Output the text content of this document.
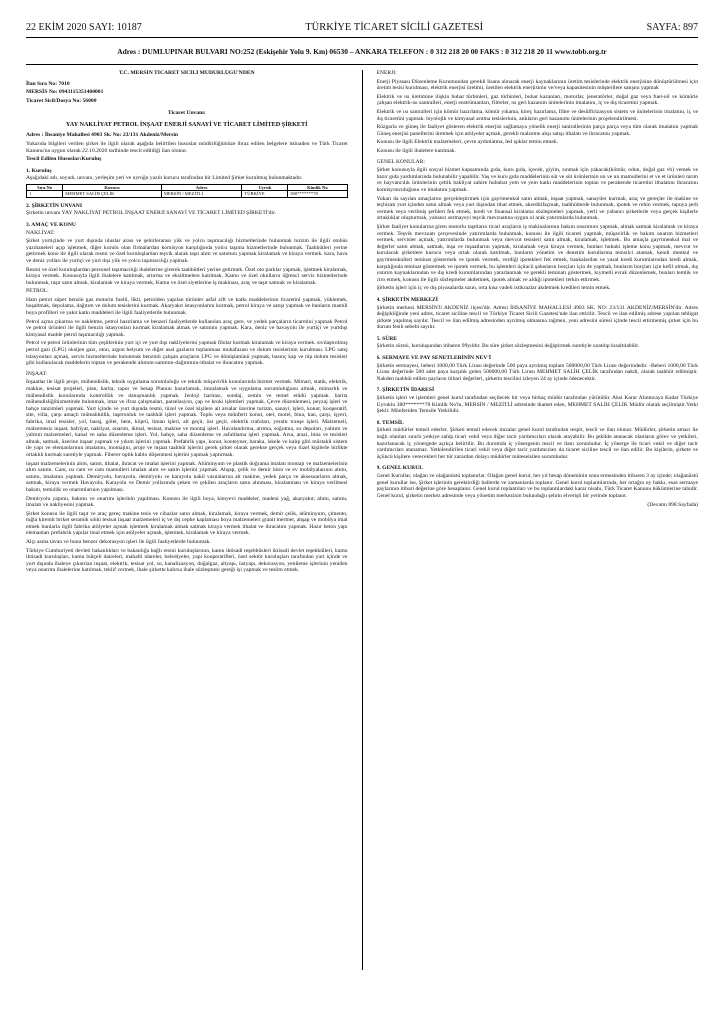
22 EKİM 2020 SAYI: 10187	TÜRKİYE TİCARET SİCİLİ GAZETESİ	SAYFA: 897
Adres : DUMLUPINAR BULVARI NO:252 (Eskişehir Yolu 9. Km) 06530 – ANKARA TELEFON : 0 312 218 20 00 FAKS : 0 312 218 20 11 www.tobb.org.tr

T.C. MERSİN TİCARET SİCİLİ MÜDÜRLÜĞÜ'NDEN

İlan Sıra No: 7010

MERSİS No: 0943115351400001

Ticaret Sicil/Dosya No: 56000

Ticaret Unvanı:

YAY NAKLİYAT PETROL İNŞAAT ENERJİ SANAYİ VE TİCARET LİMİTED ŞİRKETİ

Adres : İhsaniye Mahallesi 4903 Sk. No: 23/131 Akdeniz/Mersin

Yukarıda bilgileri verilen şirket ile ilgili olarak aşağıda belirtilen hususlar müdürlüğümüze ibraz edilen belgelere istinaden ve Türk Ticaret Kanunu'na uygun olarak 22.10.2020 tarihinde tescil edildiği ilan olunur.

Tescil Edilen Hususlar:Kuruluş

1. Kuruluş

Aşağıdaki adı, soyadı, unvanı, yerleşim yeri ve uyruğu yazılı kurucu tarafından bir Limited Şirket kurulmuş bulunmaktadır.

Sıra No	Kurucu	Adres	Uyruk	Kimlik No
1	MEHMET SALİH ÇELİK	MERSİN / MEZİTLİ	TÜRKİYE	380*******78

2. ŞİRKETİN UNVANI

Şirketin unvanı YAY NAKLİYAT PETROL İNŞAAT ENERJİ SANAYİ VE TİCARET LİMİTED ŞİRKETİ'dir.

3. AMAÇ VE KONU

NAKLİYAT:

Şirket yurtiçinde ve yurt dışında uluslar arası ve şehirlerarası yük ve yolcu taşımacılığı hizmetlerinde bulunmak turizm ile ilgili otobüs yazıhaneleri açıp işletmek, diğer kurulu olan firmalardan komisyon karşılığında yolcu taşıma hizmetlerinde bulunmak. Taahhütleri yerine getirmek kono ile ilgili olarak resmi ve özel kuruluşlardan teşvik alarak taşıt alım ve satımını yapmak kiralamak ve kiraya vermek. kara, hava ve deniz yolları ile yurtiçi ve yurt dışı yük ve yolcu taşımacılığı yapmak.

Resmi ve özel kuruluşlardan personel taşımacılığı ihalelerine girerek taahhütleri yerine getirmek. Özel oto parklar yapmak, işletmek kiralamak, kiraya vermek. Konusuyla ilgili ihalelere katılmak, artırma ve eksiltmelere katılmak. Kamu ve özel okulların öğrenci servis hizmetlerinde bulunmak, taşıt satın almak, kiralamak ve kiraya vermek, Kamu ve özel siyetlerine iş makinası, araç ve taşıt satmak ve kiralamak.

PETROL:

Ham petrol süper benzin gaz motorin fuelil, likit, petrolden yapılan türünler asfal zift ve katkı maddelerinin ticaretini yapmak, yüklemek, boşaltmak, depolama, dağıtım ve dolum tesislerini kurmak. Akaryakıt istasyonlarını kurmak, petrol kiraya ve satışı yapmak ve bunların mamül boya profilleri ve yakıt katkı maddeleri ile ilgili faaliyetlerde bulunmak.

Petrol açma çıkarma ve nakletme, petrol hazırlama ve benzeri faaliyetlerde kullanılan araç gere, ve yedek parçaların ticaretini yapmak Petrol ve petrol ürünleri ile ilgili benzin istasyonları kurmak kiralamak almak ve satımını yapmak. Kara, deniz ve havayolu ile yurtiçi ve yurtdışı kimyasal madde petrol taşımacılığı yapmak.

Petrol ve petrol ürünlerinin tüm çeşitlerinin yurt içi ve yurt dışı nakliyelerini yapmak filolar kurmak kiralamak ve kiraya vermek. sıvılaştırılmış petrol gazı (LPG) oksijen gazı, oton, argon helyum ve diğer asal gazların toplanması muhafazası ve dolum tesislerinin kurulması. LPG satış istasyonları açmak, servis hizmetlerinde bulunmak benzinli çalışan araçların LPG ve dönüşümünü yapmak, basınç kap ve tüp dolum tesisleri gibi kullanılacak maddelerin toptan ve perakende alımını-satımını-dağıtımını-ithalat ve ihracatını yapmak.

İNŞAAT:

İnşaatlar ile ilgili proje, mühendislik, teknik uygulama sorumluluğu ve teknik müşavirlik konularında hizmet vermek. Mimari, statik, elektrik, makine, tesisat projeleri, plan, harita, rapor ve hesap Planını hazırlamak, imzalamak ve uygulama sorumluluğunu almak, mimarlık ve mühendislik konularında kontrollük ve danışmanlık yapmak. Jeoloji haritası, sondaj, zemin ve temel etüdü yapmak. harita mühendisliğihizmetinde bulunmak, imar ve ifraz çalışmaları, parselasyon, çap ve kroki işlemleri yapmak. Çevre düzenlemesi, peyzaj işleri ve bahçe tanzimleri yapmak. Yurt içinde ve yurt dışında resmi, tüzel ve özel kişilere ait arsalar üzerine turizm, sanayi, işleri, konut, kooperatif, site, villa, çarşı amaçlı müteahhitlik, taşeronluk ve taahhüt işleri yapmak. Toplu veya münferit konut, otel, motel, bina, han, çarşı, işyeri, fabrika, imal tesisler, yol, baraj, gölet, bent, köprü, liman işleri, alt geçit, üst geçit, elektrik trafoları, yeraltı tranşe işleri. Malzemeli, malzemesiz inşaat, hafriyat, nakliyat, onarım, ikmal, tesisat, makine ve montaj işleri. Havalandırma, arıtma, soğutma, su depoları, yalıtım ve yalıtım malzemeleri, kanal ve saha düzenleme işleri. Yol, bahçe, saha düzenleme ve asfaltlama işleri yapmak. Arsa, arazi, bina ve tesisleri almak, satmak, üzerine inşaat yapmak ve yıkım işlerini yapmak. Prefabrik yapı, konut, konteyner, baraka, iskele ve kalıp gibi müstakil sistem ile yapı ve elemanlarının imalatını, montajını, proje ve inşaat taahhüt işlerini gerek şirket olarak gerekse gerçek veya tüzel kişilerle birlikte ortaklık kurmak suretiyle yapmak. Fiberer optik kablo döşenmesi işlerini yapmak yaptırmak.

inşaat malzemelerinin alım, satım, ithalat, ihracat ve imalat işlerini yapmak. Alüminyum ve plastik doğrama imalatı montajı ve malzemelerinin alım satımı. Cam, ısı cam ve cam mamulleri imalatı alım ve satım işlerini yapmak. Ahşap, çelik ve demir büro ve ev mobilyalarının alımı, satımı, imalatını yapmak. Demiryolu, havayolu, demiryolu ve karayolu nakil vasıtalarına ait makine, yedek parça ve aksesuarların almak, satmak, kiraya vermek Havayolu, Karayolu ve Demir yollarında çeken ve çekilen araçların satın alınması, kiralanması ve kiraya verilmesi bakım, temizlik ve onarımlarının yapılması.

Demiryolu yapımı, bakımı ve onarımı işlerinin yapılması. Konusu ile ilgili boya, kimyevi maddeler, madeni yağ, akaryakıt; alımı, satımı, imalatı ve nakliyesini yapmak.

Şirket konusu ile ilgili taşıt ve araç gereç makine tesis ve cihazlar satın almak, kiralamak, kiraya vermek, demir çelik, alüminyum, çimento, tuğla kiremit briket seramik sıhhi tesisat inşaat malzemeleri iç ve dış cephe kaplaması boya malzemeleri granit mermer, ahşap ve mobilya imal etmek bunlarla ilgili fabrika atölyeler açmak işletmek kiralamak almak satmak kiraya vermek ithalat ve ihracatını yapmak. Hazır beton yapı elemanları prefabrik yapılar imal etmek için atölyeler açmak, işletmek, kiralamak ve kiraya vermek.

Alçı asma tavan ve bunu benzer dekorasyon işleri ile ilgili faaliyetlerde bulunmak.

Türkiye Cumhuriyeti devleti bakanlıkları ve bakanlığa bağlı resmi kuruluşlarının, kamu iktisadi teşebbüsleri iktisadi devlet teşekkülleri, kamu iktisadi kuruluşları, kamu bütçeli daireleri, mahalli idareler, belediyeler, yapı kooperatifleri, özel sektör kuruluşları tarafından yurt içinde ve yurt dışında ihaleye çıkarılan inşaat, elektrik, tesisat yol, su, kanalizasyon, doğalgaz, altyapı, üstyapı, dekorasyon, yenileme işlerinin yeniden veya onarımı ihalelerine katılmak, teklif vermek, ihale şirkette kalırsa ihale sözleşmesi gereği işi yapmak ve teslim etmek.

ENERJİ:

Enerji Piyasası Düzenleme Kurumundan gerekli lisans alınarak enerji kaynaklarının üretim tesislerinde elektrik enerjisine dönüştürülmesi için üretim tesisi kurulması, elektrik enerjisi üretimi, üretilen elektrik enerjisinin ve/veya kapasitesinin müşterilere satışını yapmak

Elektrik ve ısı üretimine ilişkin buhar türbinleri, gaz türbinleri, buhar kazanları, motorlar, jeneratörler, doğal gaz veya fuel-oil ve kömürle çalışan elektrik-ısı santralleri, enerji enstrümanları, filtreler, ısı geri kazanım ünitelerinin imalatını, iç ve dış ticaretini yapmak.

Elektrik ve ısı santralleri için kömür hazırlama, kömür yıkama, kireç hazırlama, filtre ve desülfirizasyon sistem ve ünitelerinin imalatını, iç ve dış ticaretini yapmak. biyolojik ve kimyasal arıtma tesislerinin, atıkların geri kazanımı ünitelerinin projelendirilmesi.

Rüzgarla ve güneş ile faaliyet gösteren elektrik enerjisi sağlamaya yönelik enerji santrallerinin parça parça veya tüm olarak imalatını yapmak Güneş enerjisi panellerini üretmek için atölyeler açmak, gerekli malzeme alışı satışı ithalatı ve ihracatını yapmak.

Konusu ile ilgili Elektrik malzemeleri, çevre aydınlatma, led ışıklar temin etmek.

Konusu ile ilgili ihalelere katılmak.

GENEL KONULAR:

Şirket konusuyla ilgili sosyal hizmet kapsamında gıda, kuru gıda, içecek, giyim, sınmak için yakacak(kömür, odun, doğal gaz vb) vemek ve bazır gıda yardımlarında bulunabilir yapabilir. Yaş ve kuru gıda maddelerinin süt ve süt ürünlerinin un ve un mamullerini et ve et ürünleri tarım ve hayvancılık ürünlerinin çeltik bakliyat zahire hububat yem ve yem katkı maddelerinin toptan ve perakende ticaretini ithalatını ihracatını komisyonculuğunu ve imalatını yapmak.

Yukarı da sayılan amaçlarını gerçekleştirmek için gayrimenkul satın almak, inşaat yapmak, sanayiler kurmak, araç ve gereçler ile makine ve teçhizatı yurt içinden satın almak veya yurt dışından ithal etmek, akreditifaçmak, taahhütlerde bulunmak, ipotek ve rehin vermek, tapuya şerh vermek veya verilmiş şerhleri fek etmek, kredi ve finansal kiralama sözleşmeleri yapmak, yerli ve yabancı şirketlerle veya gerçek kişilerle ortaklıklar oluşturmak, yabancı sermayeyi teşvik mevzuatına uygun ol arak yatırımlarda bulunmak.

Şirket faaliyet konularına giren motorlu taşıtların ticari araçların iş makinalarının bakım onarımını yapmak, almak satmak kiralamak ve kiraya vermek. Teşvik mevzuatı çerçevesinde yatırımlarda bulunmak, konusu ile ilgili ticareti yapmak, müşavirlik ve bakım onarım hizmetleri vermek, servisler açmak, yatırımlarda bulunmak veya mevcut tesisleri satın almak, kiralamak, işletmek. Bu amaçla gayrimenkul mal ve değerler satın almak, satmak, inşa ve inşaatlarını yapmak, kiralamak veya kiraya vermek, bunları hukuki işleme konu yapmak, mevcut ve kurulacak şirketlere kurucu veya ortak olarak katılmak, bunların yönetim ve denetim kurullarına temsilci atamak, kendi menkul ve gayrimenkulleri teminat göstermek ve ipotek vermek, verdiği ipotekleri fek etmek, bankalardan ve yasal kredi kurumlarından kredi almak, karşılığında teminat göstermek ve ipotek vermek, bu işlemleri üçüncü şahısların borçları için de yapmak, bunların borçları için kefil olmak, dış yatırım kaynaklarından ve dış kredi kurumlarından yararlanmak ve gerekli teminatı göstermek, kıymetli evrak düzenlemek, bunları temlik ve ciro etmek, konusu ile ilgili sözleşmeler akdetmek, ipotek almak ve aldığı ipotekleri terkin ettirmek.

Şirketin işleri için iç ve dış piyasalarda uzun, orta kısa vadeli istikrazlar akdetmek kredileri temin etmek.

4. ŞİRKETİN MERKEZİ

Şirketin merkezi MERSİN'li AKDENİZ ilçesi'dir. Adresi İHSANİYE MAHALLESİ 4903 SK. NO: 23/131 AKDENİZ/MERSİN'dir. Adres değişikliğinde yeni adres, ticaret siciline tescil ve Türkiye Ticaret Sicili Gazetesi'nde ilan ettirilir. Tescil ve ilan edilmiş adrese yapılan tebligat şirkete yapılmış sayılır. Tescil ve ilan edilmiş adresinden ayrılmış olmasına rağmen, yeni adresini süresi içinde tescil ettirmemiş şirket için bu durum fesih sebebi sayılır.

5. SÜRE

Şirketin süresi, kuruluşundan itibaren 99yıldır. Bu süre şirket sözleşmesini değiştirmek suretiyle uzatılıp kısaltılabilir.

6. SERMAYE VE PAY SENETLERİNİN NEV'İ

Şirketin sermayesi, beheri 1000,00 Türk Lirası değerinde 500 paya ayrılmış toplam 500000,00 Türk Lirası değerindedir. -Beheri 1000,00 Türk Lirası değerinde 500 adet paya karşılık gelen 500000,00 Türk Lirası MEHMET SALİH ÇELİK tarafından nakdi, olarak taahhüt edilmiştir. Nakden taahhüt edilen payların itibari değerleri, şirketin tescilini izleyen 24 ay içinde ödenecektir.

7. ŞİRKETİN İDARESİ

Şirketin işleri ve işlemleri genel kurul tarafından seçilecek bir veya birkaç müdür tarafından yürütülür. Aksi Karar Alınmcaya Kadar Türkiye Uyruklu 380*******78 Kimlik No'lu, MERSİN / MEZİTLİ adresinde ikamet eden, MEHMET SALİH ÇELİK Müdür olarak seçilmiştir.Yetki Şekli: Münferiden Temsile Yetkilidir.

8. TEMSİL

Şirketi müdürler temsil ederler. Şirketi temsil edecek imzalar genel kurul tarafından tespit, tescil ve ilan olunur. Müdürler, şirketin amacı ile bağlı olanları sınırlı yetkiye sahip ticari vekil veya diğer tacir yardımcıları olarak atayabilir. Bu şekilde atanacak olanların görev ve yetkileri, hazırlanacak iç yönergede açıkça belirtilir. Bu durumda iç yönergenin tescil ve ilanı zorunludur. İç yönerge ile ticari vekil ve diğer tacir yardımcıları atanamaz. Yetkilendirilen ticari vekil veya diğer tacir yardımcıları da ticaret siciline tescil ve ilan edilir. Bu kişilerin, şirkete ve üçüncü kişilere verecekleri her tür zarardan dolayı müdürler müteselsilen sorumludur.

9. GENEL KURUL

Genel Kurullar, olağan ve olağanüstü toplanırlar. Olağan genel kurul, her yıl hesap döneminin sona ermesinden itibaren 3 ay içinde; olağanüstü genel kurullar ise, Şirket işlerinin gerektirdiği hallerde ve zamanlarda toplanır. Genel kurul toplantılarında, her ortağın oy hakkı, esas sermaye paylarının itibari değerine göre hesaplanır. Genel kurul toplantıları ve bu toplantılardaki karar nisabı, Türk Ticaret Kanunu hükümlerine tabidir. Genel kurul, şirketin merkez adresinde veya yönetim merkezinin bulunduğu şehrin elverişli bir yerinde toplanır.

(Devamı 898.Sayfada)
